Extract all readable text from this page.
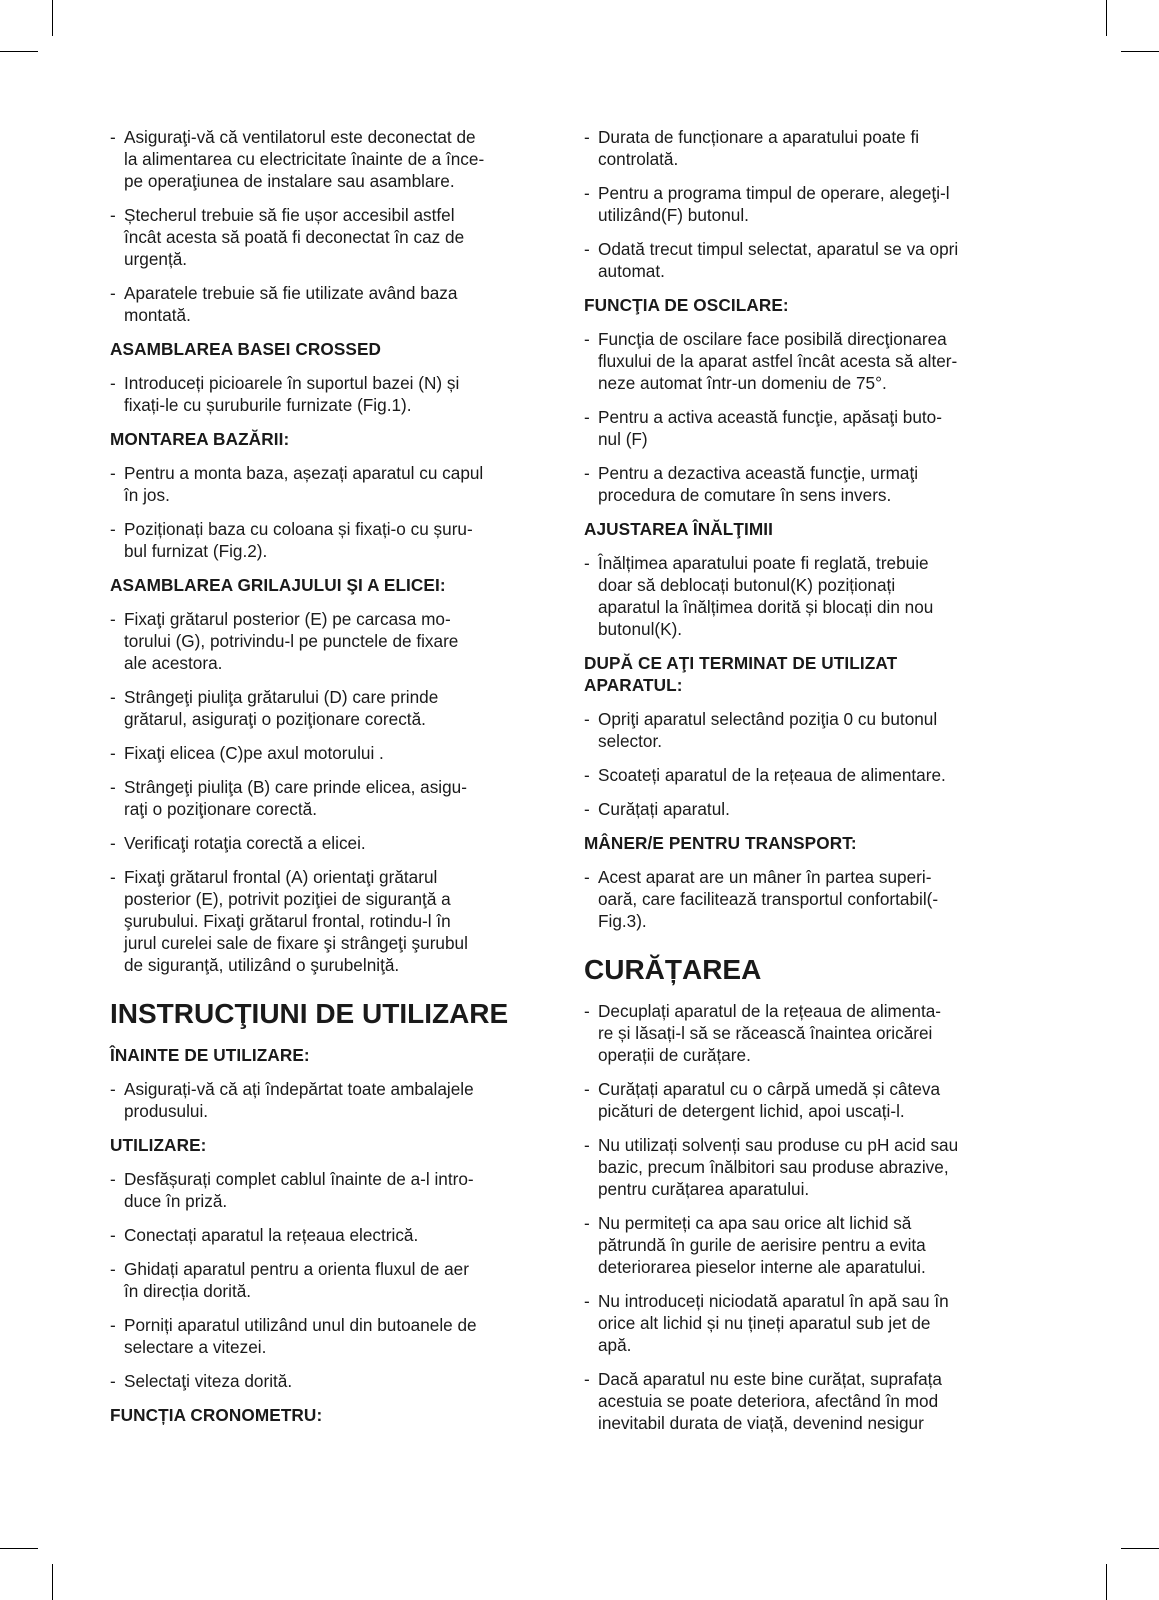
- Asiguraţi-vă că ventilatorul este deconectat de
la alimentarea cu electricitate înainte de a înce-
pe operaţiunea de instalare sau asamblare.
- Ștecherul trebuie să fie ușor accesibil astfel
încât acesta să poată fi deconectat în caz de
urgență.
- Aparatele trebuie să fie utilizate având baza
montată.
ASAMBLAREA BASEI CROSSED
- Introduceți picioarele în suportul bazei (N) și
fixați-le cu șuruburile furnizate (Fig.1).
MONTAREA BAZĂRII:
- Pentru a monta baza, așezați aparatul cu capul
în jos.
- Poziționați baza cu coloana și fixați-o cu șuru-
bul furnizat (Fig.2).
ASAMBLAREA GRILAJULUI ŞI A ELICEI:
- Fixaţi grătarul posterior (E) pe carcasa mo-
torului (G), potrivindu-l pe punctele de fixare
ale acestora.
- Strângeţi piuliţa grătarului (D) care prinde
grătarul, asiguraţi o poziţionare corectă.
- Fixaţi elicea (C)pe axul motorului .
- Strângeţi piuliţa (B) care prinde elicea, asigu-
raţi o poziţionare corectă.
- Verificaţi rotaţia corectă a elicei.
- Fixaţi grătarul frontal (A) orientaţi grătarul
posterior (E), potrivit poziţiei de siguranţă a
şurubului. Fixaţi grătarul frontal, rotindu-l în
jurul curelei sale de fixare şi strângeţi şurubul
de siguranţă, utilizând o şurubelniţă.
INSTRUCŢIUNI DE UTILIZARE
ÎNAINTE DE UTILIZARE:
- Asigurați-vă că ați îndepărtat toate ambalajele
produsului.
UTILIZARE:
- Desfășurați complet cablul înainte de a-l intro-
duce în priză.
- Conectați aparatul la rețeaua electrică.
- Ghidați aparatul pentru a orienta fluxul de aer
în direcția dorită.
- Porniți aparatul utilizând unul din butoanele de
selectare a vitezei.
- Selectaţi viteza dorită.
FUNCȚIA CRONOMETRU:
- Durata de funcționare a aparatului poate fi
controlată.
- Pentru a programa timpul de operare, alegeţi-l
utilizând(F) butonul.
- Odată trecut timpul selectat, aparatul se va opri
automat.
FUNCŢIA DE OSCILARE:
- Funcţia de oscilare face posibilă direcţionarea
fluxului de la aparat astfel încât acesta să alter-
neze automat într-un domeniu de 75°.
- Pentru a activa această funcţie, apăsaţi buto-
nul (F)
- Pentru a dezactiva această funcţie, urmaţi
procedura de comutare în sens invers.
AJUSTAREA ÎNĂLŢIMII
- Înălțimea aparatului poate fi reglată, trebuie
doar să deblocați butonul(K) poziționați
aparatul la înălțimea dorită și blocați din nou
butonul(K).
DUPĂ CE AŢI TERMINAT DE UTILIZAT
APARATUL:
- Opriţi aparatul selectând poziţia 0 cu butonul
selector.
- Scoateți aparatul de la rețeaua de alimentare.
- Curățați aparatul.
MÂNER/E PENTRU TRANSPORT:
- Acest aparat are un mâner în partea superi-
oară, care facilitează transportul confortabil(-
Fig.3).
CURĂȚAREA
- Decuplați aparatul de la rețeaua de alimenta-
re și lăsați-l să se răcească înaintea oricărei
operații de curățare.
- Curățați aparatul cu o cârpă umedă și câteva
picături de detergent lichid, apoi uscați-l.
- Nu utilizați solvenți sau produse cu pH acid sau
bazic, precum înălbitori sau produse abrazive,
pentru curățarea aparatului.
- Nu permiteți ca apa sau orice alt lichid să
pătrundă în gurile de aerisire pentru a evita
deteriorarea pieselor interne ale aparatului.
- Nu introduceți niciodată aparatul în apă sau în
orice alt lichid și nu țineți aparatul sub jet de
apă.
- Dacă aparatul nu este bine curățat, suprafața
acestuia se poate deteriora, afectând în mod
inevitabil durata de viață, devenind nesigur
